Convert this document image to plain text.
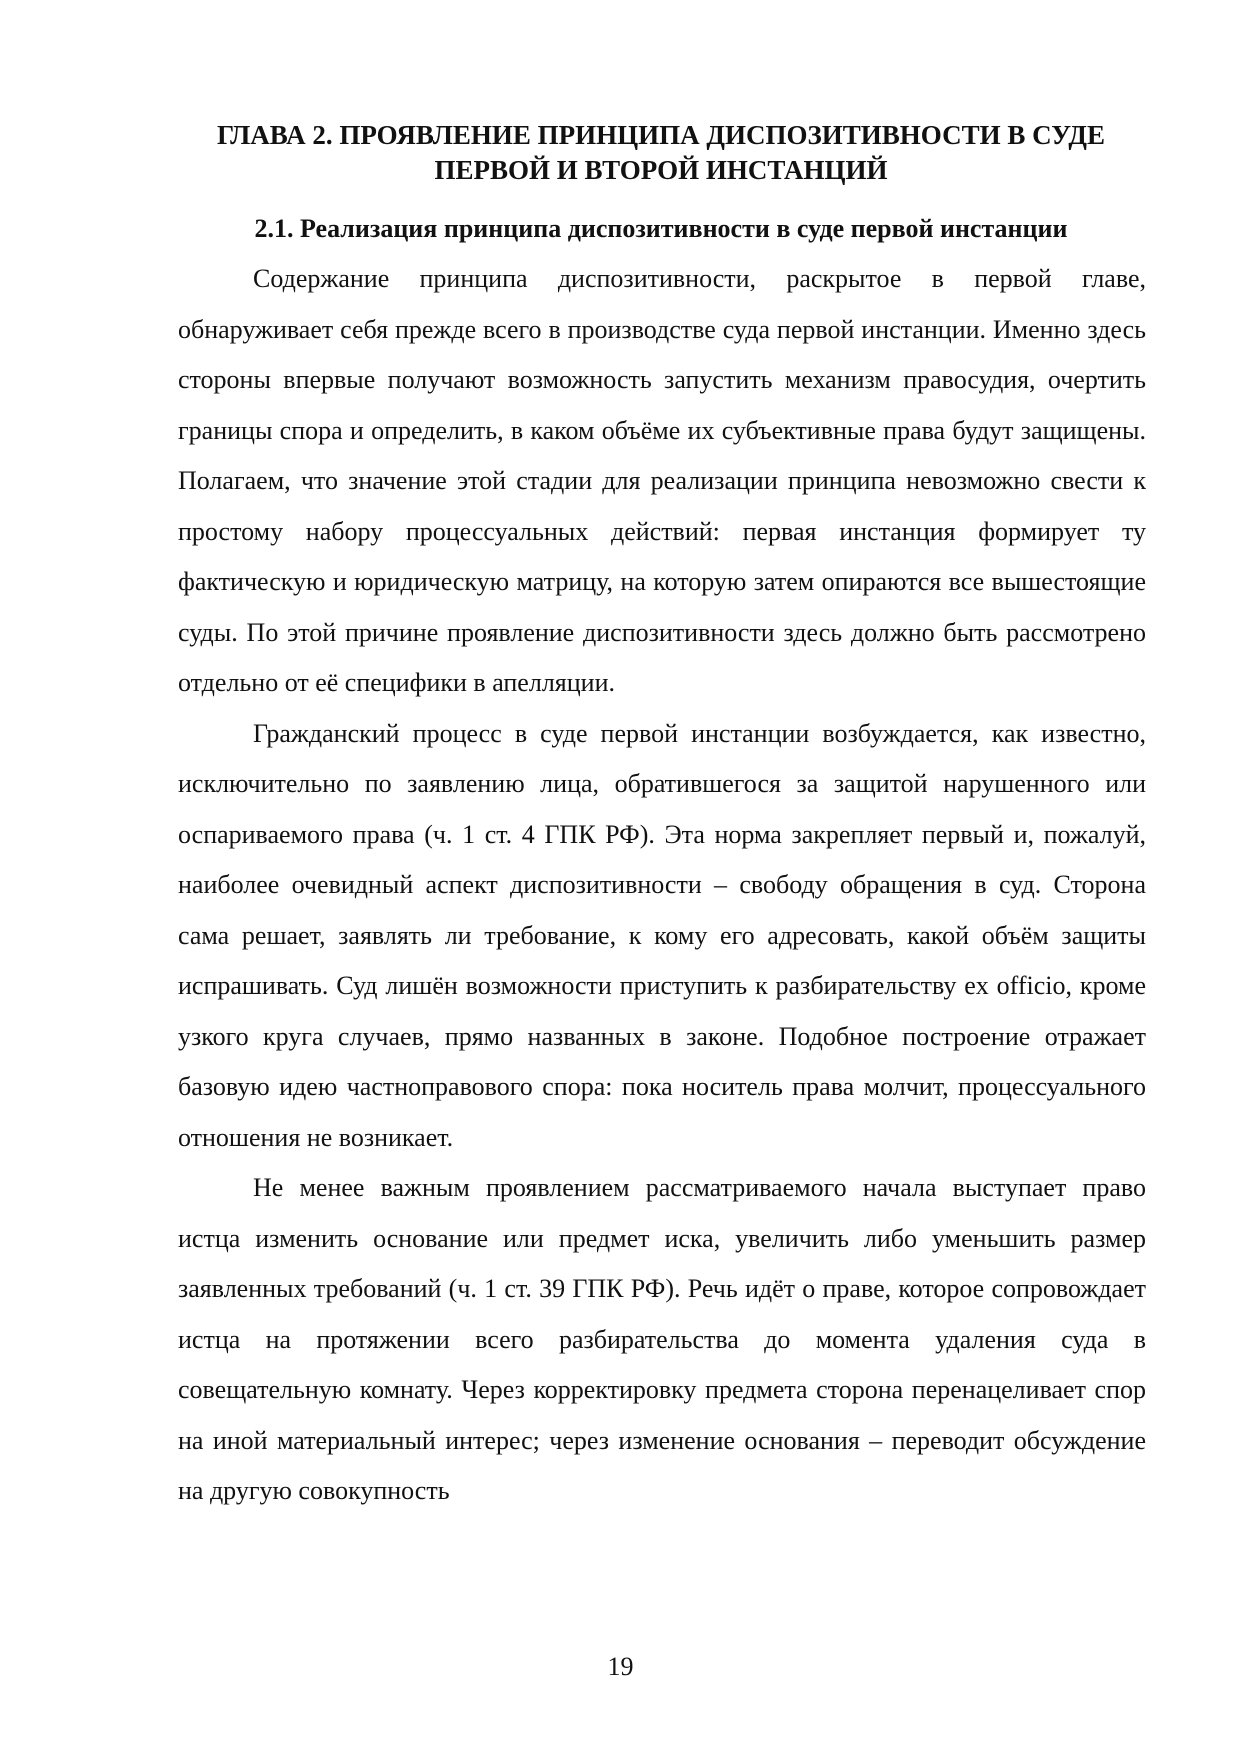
ГЛАВА 2. ПРОЯВЛЕНИЕ ПРИНЦИПА ДИСПОЗИТИВНОСТИ В СУДЕ
ПЕРВОЙ И ВТОРОЙ ИНСТАНЦИЙ
2.1. Реализация принципа диспозитивности в суде первой инстанции

Содержание принципа диспозитивности, раскрытое в первой главе, обнаруживает себя прежде всего в производстве суда первой инстанции. Именно здесь стороны впервые получают возможность запустить механизм правосудия, очертить границы спора и определить, в каком объёме их субъективные права будут защищены. Полагаем, что значение этой стадии для реализации принципа невозможно свести к простому набору процессуальных действий: первая инстанция формирует ту фактическую и юридическую матрицу, на которую затем опираются все вышестоящие суды. По этой причине проявление диспозитивности здесь должно быть рассмотрено отдельно от её специфики в апелляции.

Гражданский процесс в суде первой инстанции возбуждается, как известно, исключительно по заявлению лица, обратившегося за защитой нарушенного или оспариваемого права (ч. 1 ст. 4 ГПК РФ). Эта норма закрепляет первый и, пожалуй, наиболее очевидный аспект диспозитивности – свободу обращения в суд. Сторона сама решает, заявлять ли требование, к кому его адресовать, какой объём защиты испрашивать. Суд лишён возможности приступить к разбирательству ex officio, кроме узкого круга случаев, прямо названных в законе. Подобное построение отражает базовую идею частноправового спора: пока носитель права молчит, процессуального отношения не возникает.

Не менее важным проявлением рассматриваемого начала выступает право истца изменить основание или предмет иска, увеличить либо уменьшить размер заявленных требований (ч. 1 ст. 39 ГПК РФ). Речь идёт о праве, которое сопровождает истца на протяжении всего разбирательства до момента удаления суда в совещательную комнату. Через корректировку предмета сторона перенацеливает спор на иной материальный интерес; через изменение основания – переводит обсуждение на другую совокупность

19
